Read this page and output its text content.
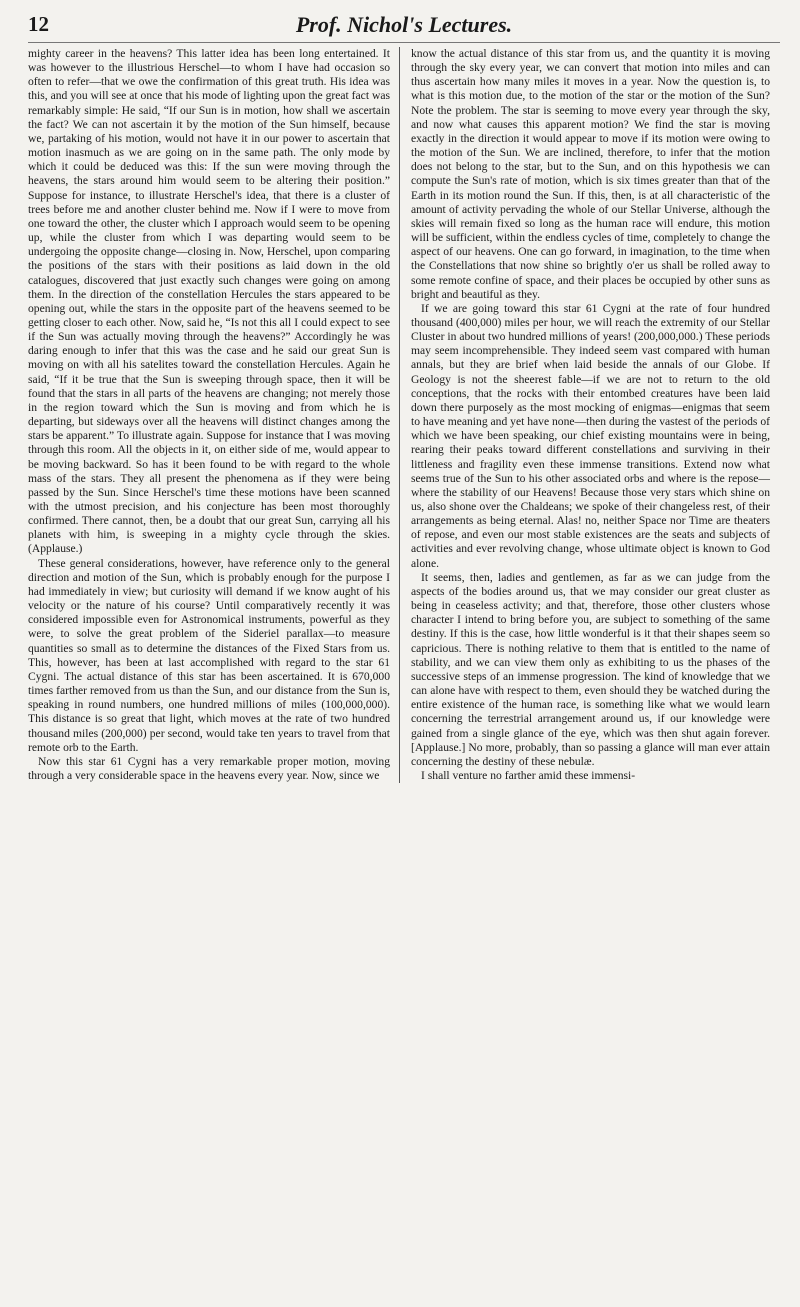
12	Prof. Nichol's Lectures.

mighty career in the heavens? This latter idea has been long entertained. It was however to the illustrious Herschel—to whom I have had occasion so often to refer—that we owe the confirmation of this great truth. His idea was this, and you will see at once that his mode of lighting upon the great fact was remarkably simple: He said, “If our Sun is in motion, how shall we ascertain the fact? We can not ascertain it by the motion of the Sun himself, because we, partaking of his motion, would not have it in our power to ascertain that motion inasmuch as we are going on in the same path. The only mode by which it could be deduced was this: If the sun were moving through the heavens, the stars around him would seem to be altering their position.” Suppose for instance, to illustrate Herschel's idea, that there is a cluster of trees before me and another cluster behind me. Now if I were to move from one toward the other, the cluster which I approach would seem to be opening up, while the cluster from which I was departing would seem to be undergoing the opposite change—closing in. Now, Herschel, upon comparing the positions of the stars with their positions as laid down in the old catalogues, discovered that just exactly such changes were going on among them. In the direction of the constellation Hercules the stars appeared to be opening out, while the stars in the opposite part of the heavens seemed to be getting closer to each other. Now, said he, “Is not this all I could expect to see if the Sun was actually moving through the heavens?” Accordingly he was daring enough to infer that this was the case and he said our great Sun is moving on with all his satelites toward the constellation Hercules. Again he said, “If it be true that the Sun is sweeping through space, then it will be found that the stars in all parts of the heavens are changing; not merely those in the region toward which the Sun is moving and from which he is departing, but sideways over all the heavens will distinct changes among the stars be apparent.” To illustrate again. Suppose for instance that I was moving through this room. All the objects in it, on either side of me, would appear to be moving backward. So has it been found to be with regard to the whole mass of the stars. They all present the phenomena as if they were being passed by the Sun. Since Herschel's time these motions have been scanned with the utmost precision, and his conjecture has been most thoroughly confirmed. There cannot, then, be a doubt that our great Sun, carrying all his planets with him, is sweeping in a mighty cycle through the skies. (Applause.)

These general considerations, however, have reference only to the general direction and motion of the Sun, which is probably enough for the purpose I had immediately in view; but curiosity will demand if we know aught of his velocity or the nature of his course? Until comparatively recently it was considered impossible even for Astronomical instruments, powerful as they were, to solve the great problem of the Sideriel parallax—to measure quantities so small as to determine the distances of the Fixed Stars from us. This, however, has been at last accomplished with regard to the star 61 Cygni. The actual distance of this star has been ascertained. It is 670,000 times farther removed from us than the Sun, and our distance from the Sun is, speaking in round numbers, one hundred millions of miles (100,000,000). This distance is so great that light, which moves at the rate of two hundred thousand miles (200,000) per second, would take ten years to travel from that remote orb to the Earth.

Now this star 61 Cygni has a very remarkable proper motion, moving through a very considerable space in the heavens every year. Now, since we

know the actual distance of this star from us, and the quantity it is moving through the sky every year, we can convert that motion into miles and can thus ascertain how many miles it moves in a year. Now the question is, to what is this motion due, to the motion of the star or the motion of the Sun? Note the problem. The star is seeming to move every year through the sky, and now what causes this apparent motion? We find the star is moving exactly in the direction it would appear to move if its motion were owing to the motion of the Sun. We are inclined, therefore, to infer that the motion does not belong to the star, but to the Sun, and on this hypothesis we can compute the Sun's rate of motion, which is six times greater than that of the Earth in its motion round the Sun. If this, then, is at all characteristic of the amount of activity pervading the whole of our Stellar Universe, although the skies will remain fixed so long as the human race will endure, this motion will be sufficient, within the endless cycles of time, completely to change the aspect of our heavens. One can go forward, in imagination, to the time when the Constellations that now shine so brightly o'er us shall be rolled away to some remote confine of space, and their places be occupied by other suns as bright and beautiful as they.

If we are going toward this star 61 Cygni at the rate of four hundred thousand (400,000) miles per hour, we will reach the extremity of our Stellar Cluster in about two hundred millions of years! (200,000,000.) These periods may seem incomprehensible. They indeed seem vast compared with human annals, but they are brief when laid beside the annals of our Globe. If Geology is not the sheerest fable—if we are not to return to the old conceptions, that the rocks with their entombed creatures have been laid down there purposely as the most mocking of enigmas—enigmas that seem to have meaning and yet have none—then during the vastest of the periods of which we have been speaking, our chief existing mountains were in being, rearing their peaks toward different constellations and surviving in their littleness and fragility even these immense transitions. Extend now what seems true of the Sun to his other associated orbs and where is the repose—where the stability of our Heavens! Because those very stars which shine on us, also shone over the Chaldeans; we spoke of their changeless rest, of their arrangements as being eternal. Alas! no, neither Space nor Time are theaters of repose, and even our most stable existences are the seats and subjects of activities and ever revolving change, whose ultimate object is known to God alone.

It seems, then, ladies and gentlemen, as far as we can judge from the aspects of the bodies around us, that we may consider our great cluster as being in ceaseless activity; and that, therefore, those other clusters whose character I intend to bring before you, are subject to something of the same destiny. If this is the case, how little wonderful is it that their shapes seem so capricious. There is nothing relative to them that is entitled to the name of stability, and we can view them only as exhibiting to us the phases of the successive steps of an immense progression. The kind of knowledge that we can alone have with respect to them, even should they be watched during the entire existence of the human race, is something like what we would learn concerning the terrestrial arrangement around us, if our knowledge were gained from a single glance of the eye, which was then shut again forever. [Applause.] No more, probably, than so passing a glance will man ever attain concerning the destiny of these nebulæ.

I shall venture no farther amid these immensi-
